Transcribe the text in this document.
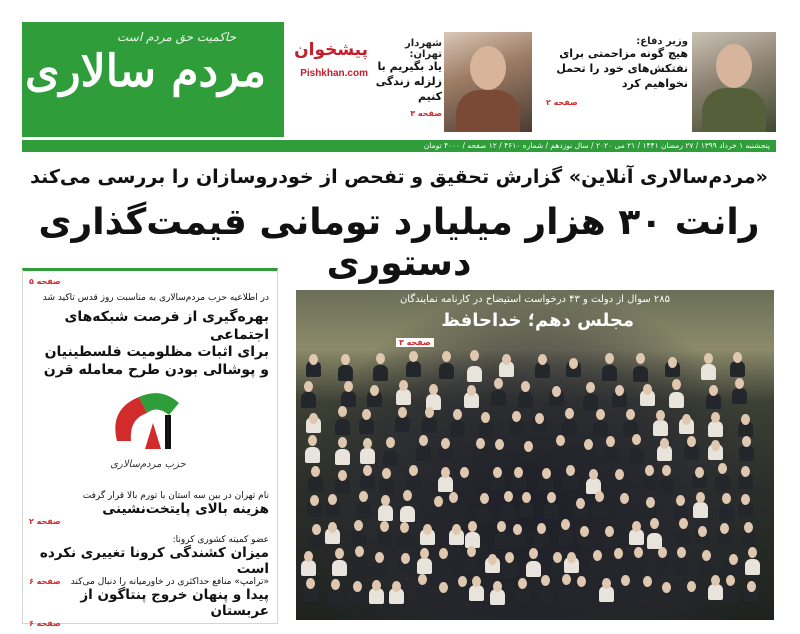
حاکمیت حق مردم است
مردم سالاری پیشخوان
Pishkhan.com
شهردار تهران:
یاد بگیریم با زلزله زندگی کنیم
صفحه ۳
وزیر دفاع:
هیچ گونه مزاحمتی برای نفتکش‌های خود را تحمل نخواهیم کرد
صفحه ۲
پنجشنبه ۱ خرداد ۱۳۹۹ / ۲۷ رمضان ۱۴۴۱ / ۲۱ می ۲۰۲۰ / سال نوزدهم / شماره ۴۶۱۰ / ۱۲ صفحه / ۴۰۰۰ تومان
«مردم‌سالاری آنلاین» گزارش تحقیق و تفحص از خودروسازان را بررسی می‌کند
رانت ۳۰ هزار میلیارد تومانی قیمت‌گذاری دستوری
صفحه ۵
در اطلاعیه حزب مردم‌سالاری به مناسبت روز قدس تاکید شد
بهره‌گیری از فرصت شبکه‌های اجتماعی
برای اثبات مظلومیت فلسطینیان
و پوشالی بودن طرح معامله قرن
حزب مردم‌سالاری
نام تهران در بین سه استان با تورم بالا قرار گرفت
هزینه بالای پایتخت‌نشینی
صفحه ۲
عضو کمیته کشوری کرونا:
میزان کشندگی کرونا تغییری نکرده است
صفحه ۶	«ترامپ» منافع حداکثری در خاورمیانه را دنبال می‌کند
پیدا و پنهان خروج پنتاگون از عربستان
صفحه ۶
۲۸۵ سوال از دولت و ۴۳ درخواست استیضاح در کارنامه نمایندگان
مجلس دهم؛ خداحافظ
صفحه ۳
